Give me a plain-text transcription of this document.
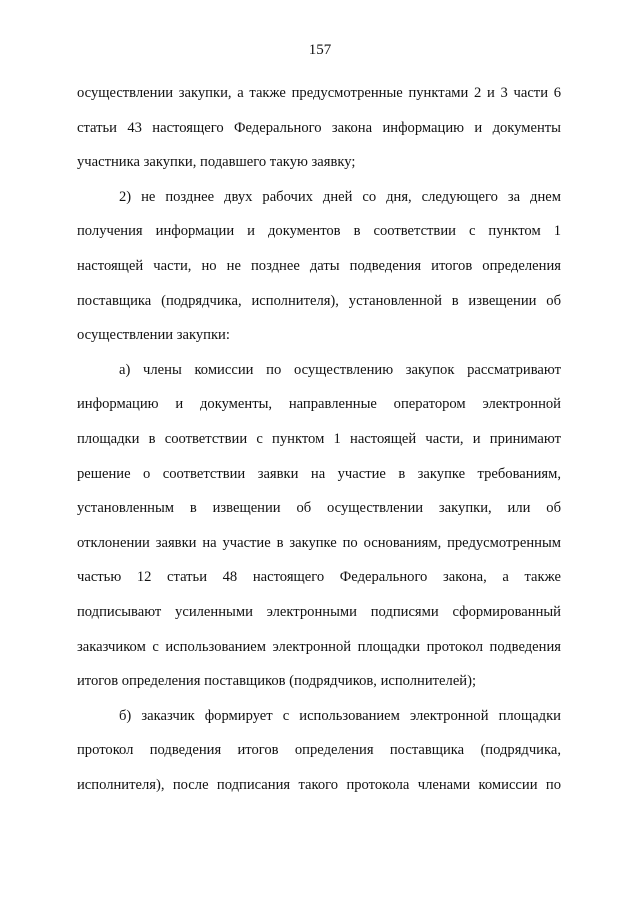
157
осуществлении закупки, а также предусмотренные пунктами 2 и 3 части 6
статьи 43 настоящего Федерального закона информацию и документы
участника закупки, подавшего такую заявку;
2) не позднее двух рабочих дней со дня, следующего за днем
получения информации и документов в соответствии с пунктом 1
настоящей части, но не позднее даты подведения итогов определения
поставщика (подрядчика, исполнителя), установленной в извещении об
осуществлении закупки:
а) члены комиссии по осуществлению закупок рассматривают
информацию и документы, направленные оператором электронной
площадки в соответствии с пунктом 1 настоящей части, и принимают
решение о соответствии заявки на участие в закупке требованиям,
установленным в извещении об осуществлении закупки, или об
отклонении заявки на участие в закупке по основаниям, предусмотренным
частью 12 статьи 48 настоящего Федерального закона, а также
подписывают усиленными электронными подписями сформированный
заказчиком с использованием электронной площадки протокол подведения
итогов определения поставщиков (подрядчиков, исполнителей);
б) заказчик формирует с использованием электронной площадки
протокол подведения итогов определения поставщика (подрядчика,
исполнителя), после подписания такого протокола членами комиссии по
